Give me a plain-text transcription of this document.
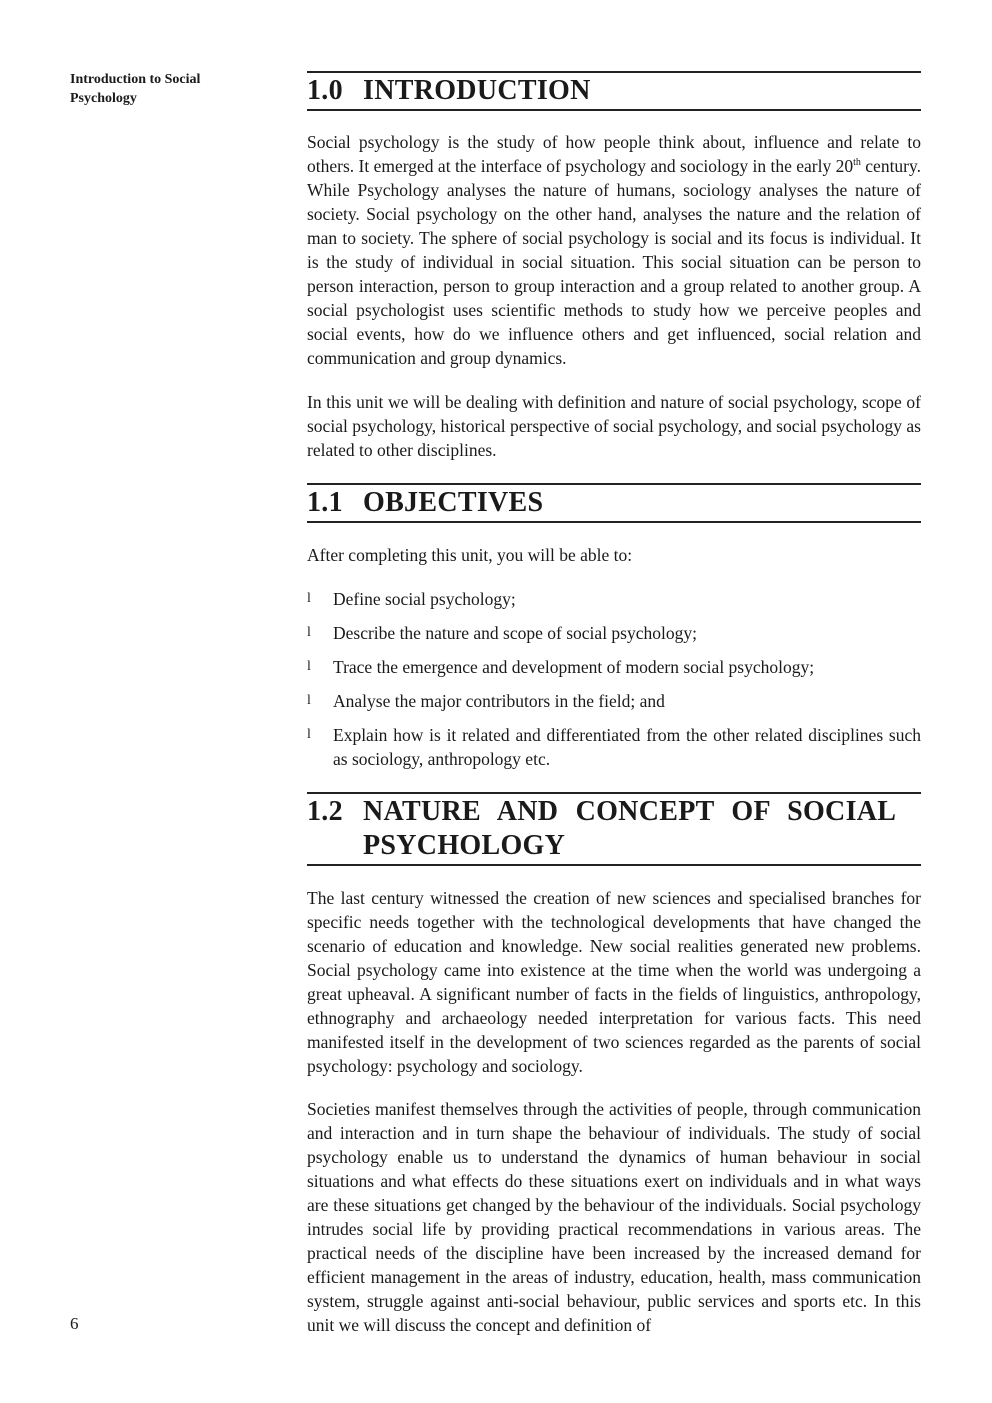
Introduction to Social Psychology	1.0 INTRODUCTION

Social psychology is the study of how people think about, influence and relate to others. It emerged at the interface of psychology and sociology in the early 20th century. While Psychology analyses the nature of humans, sociology analyses the nature of society. Social psychology on the other hand, analyses the nature and the relation of man to society. The sphere of social psychology is social and its focus is individual. It is the study of individual in social situation. This social situation can be person to person interaction, person to group interaction and a group related to another group. A social psychologist uses scientific methods to study how we perceive peoples and social events, how do we influence others and get influenced, social relation and communication and group dynamics.

In this unit we will be dealing with definition and nature of social psychology, scope of social psychology, historical perspective of social psychology, and social psychology as related to other disciplines.

1.1 OBJECTIVES

After completing this unit, you will be able to:

l Define social psychology;
l Describe the nature and scope of social psychology;
l Trace the emergence and development of modern social psychology;
l Analyse the major contributors in the field; and
l Explain how is it related and differentiated from the other related disciplines such as sociology, anthropology etc.
1.2 NATURE AND CONCEPT OF SOCIAL
PSYCHOLOGY

The last century witnessed the creation of new sciences and specialised branches for specific needs together with the technological developments that have changed the scenario of education and knowledge. New social realities generated new problems. Social psychology came into existence at the time when the world was undergoing a great upheaval. A significant number of facts in the fields of linguistics, anthropology, ethnography and archaeology needed interpretation for various facts. This need manifested itself in the development of two sciences regarded as the parents of social psychology: psychology and sociology.

Societies manifest themselves through the activities of people, through communication and interaction and in turn shape the behaviour of individuals. The study of social psychology enable us to understand the dynamics of human behaviour in social situations and what effects do these situations exert on individuals and in what ways are these situations get changed by the behaviour of the individuals. Social psychology intrudes social life by providing practical recommendations in various areas. The practical needs of the discipline have been increased by the increased demand for efficient management in the areas of industry, education, health, mass communication system, struggle against anti-social behaviour, public services and sports etc. In this unit we will discuss the concept and definition of

6
